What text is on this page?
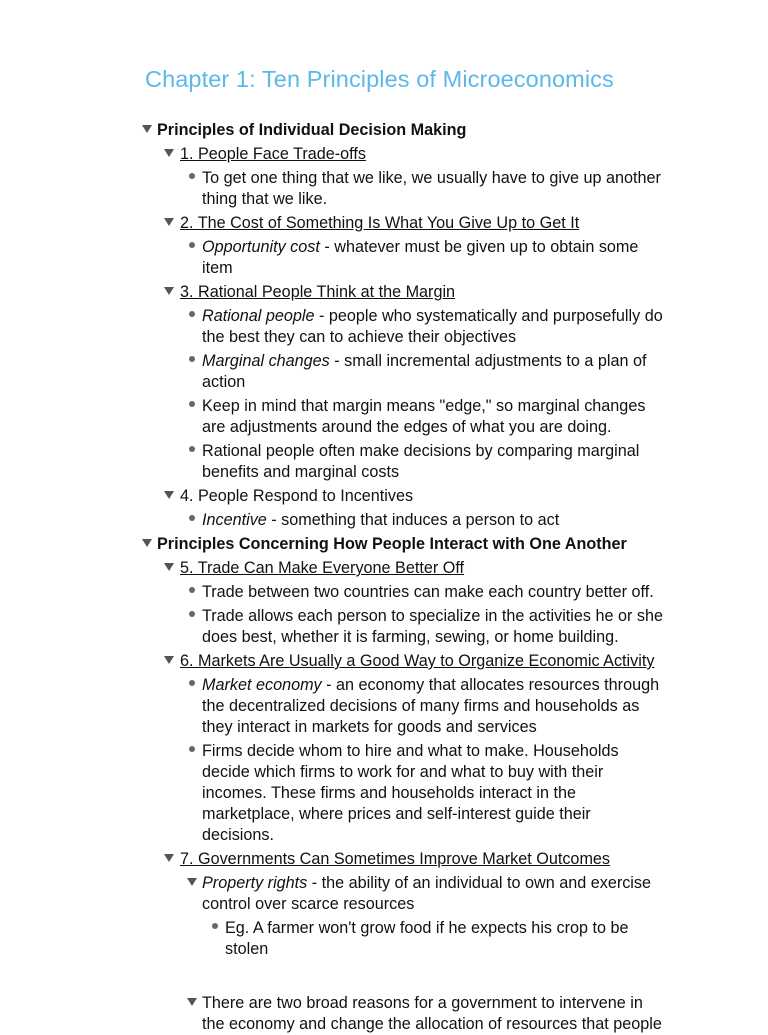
Chapter 1: Ten Principles of Microeconomics
Principles of Individual Decision Making
1. People Face Trade-offs
To get one thing that we like, we usually have to give up another
thing that we like.
2. The Cost of Something Is What You Give Up to Get It
Opportunity cost - whatever must be given up to obtain some
item
3. Rational People Think at the Margin
Rational people - people who systematically and purposefully do
the best they can to achieve their objectives
Marginal changes - small incremental adjustments to a plan of
action
Keep in mind that margin means "edge," so marginal changes
are adjustments around the edges of what you are doing.
Rational people often make decisions by comparing marginal
benefits and marginal costs
4. People Respond to Incentives
Incentive - something that induces a person to act
Principles Concerning How People Interact with One Another
5. Trade Can Make Everyone Better Off
Trade between two countries can make each country better off.
Trade allows each person to specialize in the activities he or she
does best, whether it is farming, sewing, or home building.
6. Markets Are Usually a Good Way to Organize Economic Activity
Market economy - an economy that allocates resources through
the decentralized decisions of many firms and households as
they interact in markets for goods and services
Firms decide whom to hire and what to make. Households
decide which firms to work for and what to buy with their
incomes. These firms and households interact in the
marketplace, where prices and self-interest guide their
decisions.
7. Governments Can Sometimes Improve Market Outcomes
Property rights - the ability of an individual to own and exercise
control over scarce resources
Eg. A farmer won't grow food if he expects his crop to be
stolen
There are two broad reasons for a government to intervene in
the economy and change the allocation of resources that people
